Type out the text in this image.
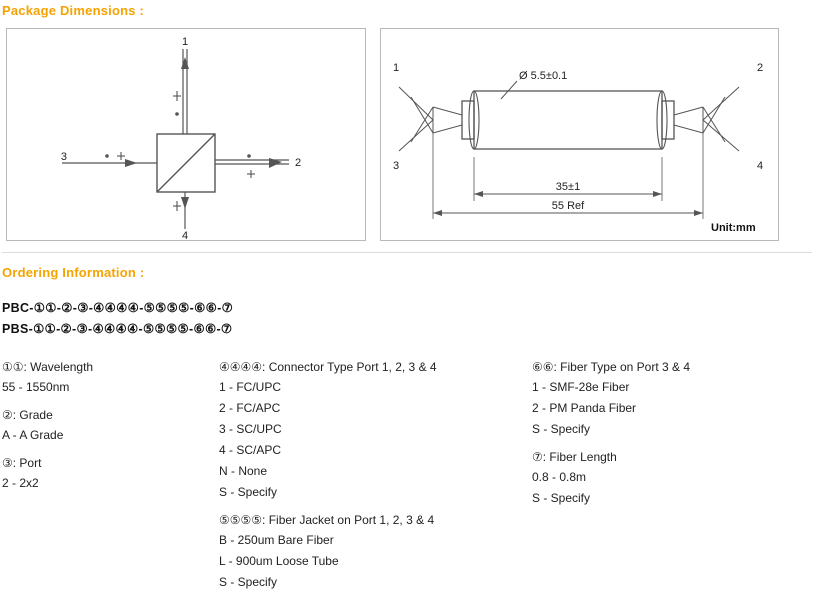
Package Dimensions :
1
2
3
4
Ø 5.5±0.1
35±1
55 Ref
1
3
2
4
Unit:mm
Ordering Information :
PBC-①①-②-③-④④④④-⑤⑤⑤⑤-⑥⑥-⑦
PBS-①①-②-③-④④④④-⑤⑤⑤⑤-⑥⑥-⑦
①①: Wavelength
55 - 1550nm
②: Grade
A - A Grade
③: Port
2 - 2x2
④④④④: Connector Type Port 1, 2, 3 & 4
1 - FC/UPC
2 - FC/APC
3 - SC/UPC
4 - SC/APC
N - None
S - Specify
⑤⑤⑤⑤: Fiber Jacket on Port 1, 2, 3 & 4
B - 250um Bare Fiber
L - 900um Loose Tube
S - Specify
⑥⑥: Fiber Type on Port 3 & 4
1 - SMF-28e Fiber
2 - PM Panda Fiber
S - Specify
⑦: Fiber Length
0.8 - 0.8m
S - Specify
